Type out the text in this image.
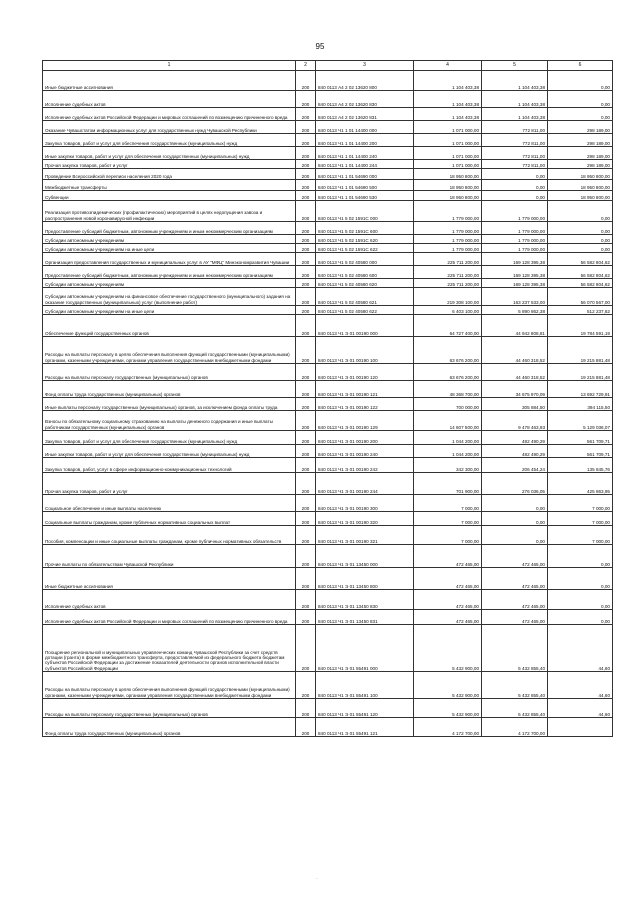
95
1	2	3	4	5	6
Иные бюджетные ассигнования	200	840 0113 А4 2 02 13620 800	1 104 403,38	1 104 403,38	0,00
Исполнение судебных актов	200	840 0113 А4 2 02 13620 830	1 104 403,38	1 104 403,38	0,00
Исполнение судебных актов Российской Федерации и мировых соглашений по возмещению причиненного вреда	200	840 0113 А4 2 02 13620 831	1 104 403,38	1 104 403,38	0,00
Оказание Чувашстатом информационных услуг для государственных нужд Чувашской Республики	200	840 0113 Ч1 1 01 14400 000	1 071 000,00	772 811,00	298 189,00
Закупка товаров, работ и услуг для обеспечения государственных (муниципальных) нужд	200	840 0113 Ч1 1 01 14400 200	1 071 000,00	772 811,00	298 189,00
Иные закупки товаров, работ и услуг для обеспечения государственных (муниципальных) нужд	200	840 0113 Ч1 1 01 14400 240	1 071 000,00	772 811,00	298 189,00
Прочая закупка товаров, работ и услуг	200	840 0113 Ч1 1 01 14400 244	1 071 000,00	772 811,00	298 189,00
Проведение Всероссийской переписи населения 2020 года	200	840 0113 Ч1 1 01 54690 000	18 950 800,00	0,00	18 950 800,00
Межбюджетные трансферты	200	840 0113 Ч1 1 01 54690 500	18 950 800,00	0,00	18 950 800,00
Субвенции	200	840 0113 Ч1 1 01 54690 530	18 950 800,00	0,00	18 950 800,00
Реализация противоэпидемических (профилактических) мероприятий в целях недопущения завоза и распространения новой коронавирусной инфекции	200	840 0113 Ч1 5 02 1591С 000	1 779 000,00	1 779 000,00	0,00
Предоставление субсидий бюджетным, автономным учреждениям и иным некоммерческим организациям	200	840 0113 Ч1 5 02 1591С 600	1 779 000,00	1 779 000,00	0,00
Субсидии автономным учреждениям	200	840 0113 Ч1 5 02 1591С 620	1 779 000,00	1 779 000,00	0,00
Субсидии автономным учреждениям на иные цели	200	840 0113 Ч1 5 02 1591С 622	1 779 000,00	1 779 000,00	0,00
Организация предоставления государственных и муниципальных услуг в АУ "МФЦ" Минэкономразвития Чувашии	200	840 0113 Ч1 5 02 40580 000	225 711 200,00	169 128 395,38	56 582 804,62
Предоставление субсидий бюджетным, автономным учреждениям и иным некоммерческим организациям	200	840 0113 Ч1 5 02 40580 600	225 711 200,00	169 128 395,38	56 582 804,62
Субсидии автономным учреждениям	200	840 0113 Ч1 5 02 40580 620	225 711 200,00	169 128 395,38	56 582 804,62
Субсидии автономным учреждениям на финансовое обеспечение государственного (муниципального) задания на оказание государственных (муниципальных) услуг (выполнение работ)	200	840 0113 Ч1 5 02 40580 621	219 308 100,00	163 237 533,00	56 070 567,00
Субсидии автономным учреждениям на иные цели	200	840 0113 Ч1 5 02 40580 622	6 403 100,00	5 890 862,38	512 237,62
Обеспечение функций государственных органов	200	840 0113 Ч1 Э 01 00190 000	64 727 400,00	44 942 808,81	19 784 591,19
Расходы на выплаты персоналу в целях обеспечения выполнения функций государственными (муниципальными) органами, казенными учреждениями, органами управления государственными внебюджетными фондами	200	840 0113 Ч1 Э 01 00190 100	63 676 200,00	44 460 318,52	19 215 881,48
Расходы на выплаты персоналу государственных (муниципальных) органов	200	840 0113 Ч1 Э 01 00190 120	63 676 200,00	44 460 318,52	19 215 881,48
Фонд оплаты труда государственных (муниципальных) органов	200	840 0113 Ч1 Э 01 00190 121	48 368 700,00	34 675 970,09	13 692 729,91
Иные выплаты персоналу государственных (муниципальных) органов, за исключением фонда оплаты труда	200	840 0113 Ч1 Э 01 00190 122	700 000,00	305 884,50	394 115,50
Взносы по обязательному социальному страхованию на выплаты денежного содержания и иные выплаты работникам государственных (муниципальных) органов	200	840 0113 Ч1 Э 01 00190 129	14 607 500,00	9 478 463,93	5 129 036,07
Закупка товаров, работ и услуг для обеспечения государственных (муниципальных) нужд	200	840 0113 Ч1 Э 01 00190 200	1 044 200,00	482 490,29	561 709,71
Иные закупки товаров, работ и услуг для обеспечения государственных (муниципальных) нужд	200	840 0113 Ч1 Э 01 00190 240	1 044 200,00	482 490,29	561 709,71
Закупка товаров, работ, услуг в сфере информационно-коммуникационных технологий	200	840 0113 Ч1 Э 01 00190 242	342 300,00	206 454,24	135 845,76
Прочая закупка товаров, работ и услуг	200	840 0113 Ч1 Э 01 00190 244	701 900,00	276 036,05	425 863,95
Социальное обеспечение и иные выплаты населению	200	840 0113 Ч1 Э 01 00190 300	7 000,00	0,00	7 000,00
Социальные выплаты гражданам, кроме публичных нормативных социальных выплат	200	840 0113 Ч1 Э 01 00190 320	7 000,00	0,00	7 000,00
Пособия, компенсации и иные социальные выплаты гражданам, кроме публичных нормативных обязательств	200	840 0113 Ч1 Э 01 00190 321	7 000,00	0,00	7 000,00
Прочие выплаты по обязательствам Чувашской Республики	200	840 0113 Ч1 Э 01 13450 000	472 465,00	472 465,00	0,00
Иные бюджетные ассигнования	200	840 0113 Ч1 Э 01 13450 800	472 465,00	472 465,00	0,00
Исполнение судебных актов	200	840 0113 Ч1 Э 01 13450 830	472 465,00	472 465,00	0,00
Исполнение судебных актов Российской Федерации и мировых соглашений по возмещению причиненного вреда	200	840 0113 Ч1 Э 01 13450 831	472 465,00	472 465,00	0,00
Поощрение региональной и муниципальных управленческих команд Чувашской Республики за счет средств дотации (гранта) в форме межбюджетного трансферта, предоставляемой из федерального бюджета бюджетам субъектов Российской Федерации за достижение показателей деятельности органов исполнительной власти субъектов Российской Федерации	200	840 0113 Ч1 Э 01 55491 000	5 432 900,00	5 432 855,40	44,60
Расходы на выплаты персоналу в целях обеспечения выполнения функций государственными (муниципальными) органами, казенными учреждениями, органами управления государственными внебюджетными фондами	200	840 0113 Ч1 Э 01 55491 100	5 432 900,00	5 432 855,40	44,60
Расходы на выплаты персоналу государственных (муниципальных) органов	200	840 0113 Ч1 Э 01 55491 120	5 432 900,00	5 432 855,40	44,60
Фонд оплаты труда государственных (муниципальных) органов	200	840 0113 Ч1 Э 01 55491 121	4 172 700,00	4 172 700,00	
·
